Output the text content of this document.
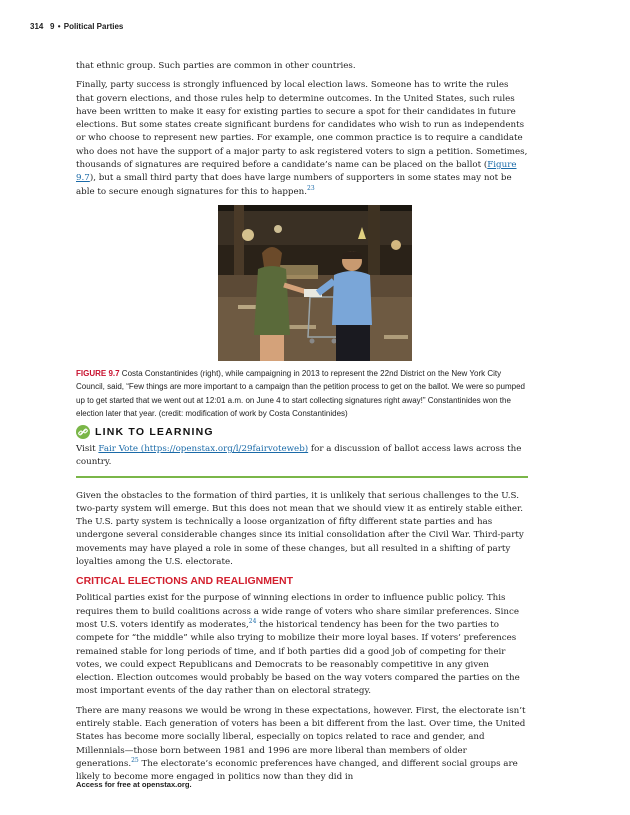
314 9 • Political Parties

that ethnic group. Such parties are common in other countries.

Finally, party success is strongly influenced by local election laws. Someone has to write the rules that govern elections, and those rules help to determine outcomes. In the United States, such rules have been written to make it easy for existing parties to secure a spot for their candidates in future elections. But some states create significant burdens for candidates who wish to run as independents or who choose to represent new parties. For example, one common practice is to require a candidate who does not have the support of a major party to ask registered voters to sign a petition. Sometimes, thousands of signatures are required before a candidate’s name can be placed on the ballot (Figure 9.7), but a small third party that does have large numbers of supporters in some states may not be able to secure enough signatures for this to happen.$^{23}$

FIGURE 9.7 Costa Constantinides (right), while campaigning in 2013 to represent the 22nd District on the New York City Council, said, “Few things are more important to a campaign than the petition process to get on the ballot. We were so pumped up to get started that we went out at 12:01 a.m. on June 4 to start collecting signatures right away!” Constantinides won the election later that year. (credit: modification of work by Costa Constantinides)

LINK TO LEARNING

Visit Fair Vote (https://openstax.org/l/29fairvoteweb) for a discussion of ballot access laws across the country.

Given the obstacles to the formation of third parties, it is unlikely that serious challenges to the U.S. two-party system will emerge. But this does not mean that we should view it as entirely stable either. The U.S. party system is technically a loose organization of fifty different state parties and has undergone several considerable changes since its initial consolidation after the Civil War. Third-party movements may have played a role in some of these changes, but all resulted in a shifting of party loyalties among the U.S. electorate.

CRITICAL ELECTIONS AND REALIGNMENT

Political parties exist for the purpose of winning elections in order to influence public policy. This requires them to build coalitions across a wide range of voters who share similar preferences. Since most U.S. voters identify as moderates,$^{24}$ the historical tendency has been for the two parties to compete for “the middle” while also trying to mobilize their more loyal bases. If voters’ preferences remained stable for long periods of time, and if both parties did a good job of competing for their votes, we could expect Republicans and Democrats to be reasonably competitive in any given election. Election outcomes would probably be based on the way voters compared the parties on the most important events of the day rather than on electoral strategy.

There are many reasons we would be wrong in these expectations, however. First, the electorate isn’t entirely stable. Each generation of voters has been a bit different from the last. Over time, the United States has become more socially liberal, especially on topics related to race and gender, and Millennials—those born between 1981 and 1996 are more liberal than members of older generations.$^{25}$ The electorate’s economic preferences have changed, and different social groups are likely to become more engaged in politics now than they did in

Access for free at openstax.org.
